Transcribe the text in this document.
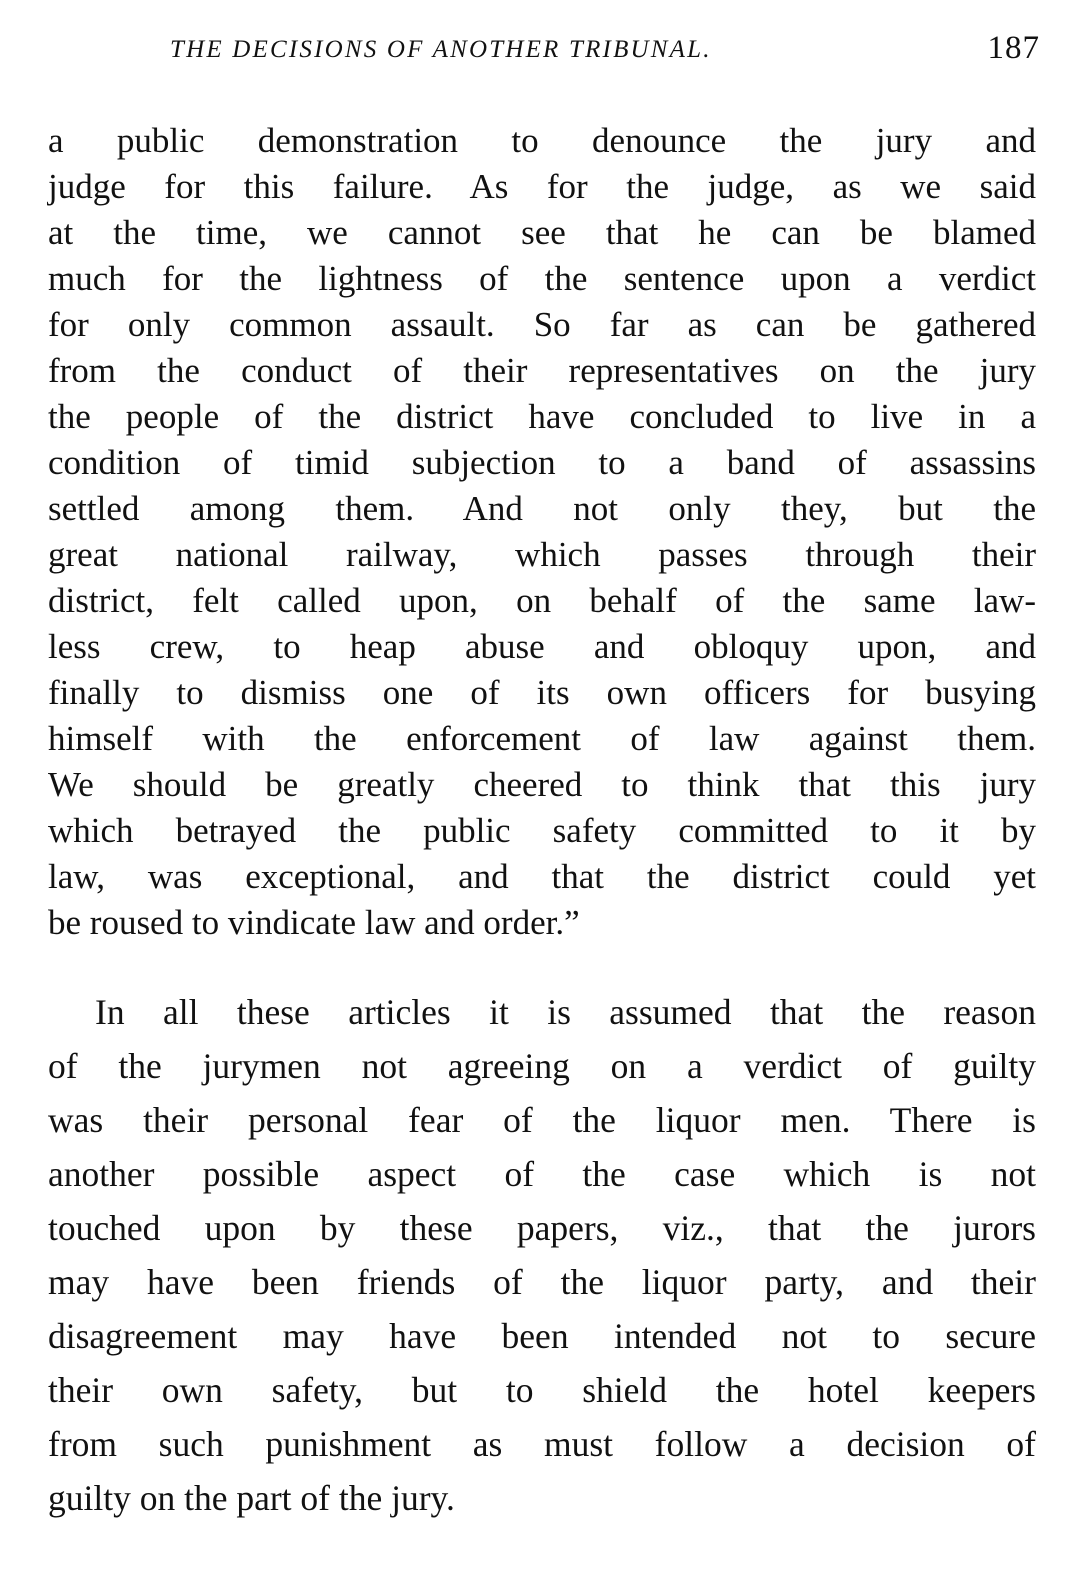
THE DECISIONS OF ANOTHER TRIBUNAL.	187
a public demonstration to denounce the jury and
judge for this failure. As for the judge, as we said
at the time, we cannot see that he can be blamed
much for the lightness of the sentence upon a verdict
for only common assault. So far as can be gathered
from the conduct of their representatives on the jury
the people of the district have concluded to live in a
condition of timid subjection to a band of assassins
settled among them. And not only they, but the
great national railway, which passes through their
district, felt called upon, on behalf of the same law-
less crew, to heap abuse and obloquy upon, and
finally to dismiss one of its own officers for busying
himself with the enforcement of law against them.
We should be greatly cheered to think that this jury
which betrayed the public safety committed to it by
law, was exceptional, and that the district could yet
be roused to vindicate law and order.”
In all these articles it is assumed that the reason
of the jurymen not agreeing on a verdict of guilty
was their personal fear of the liquor men. There is
another possible aspect of the case which is not
touched upon by these papers, viz., that the jurors
may have been friends of the liquor party, and their
disagreement may have been intended not to secure
their own safety, but to shield the hotel keepers
from such punishment as must follow a decision of
guilty on the part of the jury.
